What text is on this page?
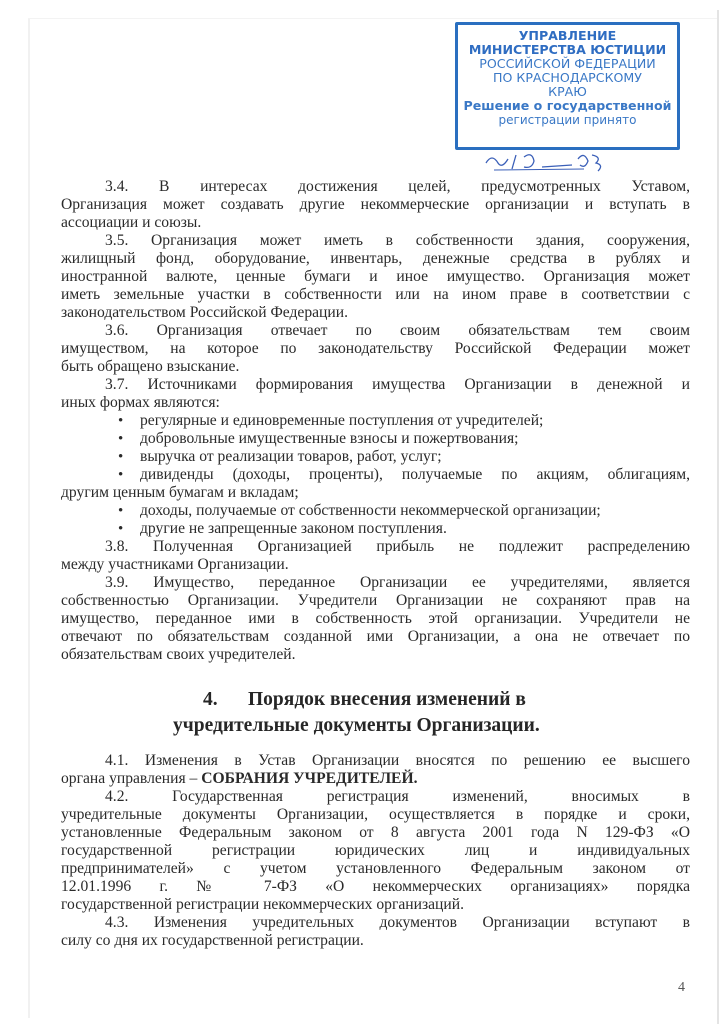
УПРАВЛЕНИЕ
МИНИСТЕРСТВА ЮСТИЦИИ
РОССИЙСКОЙ ФЕДЕРАЦИИ
ПО КРАСНОДАРСКОМУ
КРАЮ
Решение о государственной
регистрации принято
3.4. В интересах достижения целей, предусмотренных Уставом,
Организация может создавать другие некоммерческие организации и вступать в
ассоциации и союзы.
3.5. Организация может иметь в собственности здания, сооружения,
жилищный фонд, оборудование, инвентарь, денежные средства в рублях и
иностранной валюте, ценные бумаги и иное имущество. Организация может
иметь земельные участки в собственности или на ином праве в соответствии с
законодательством Российской Федерации.
3.6. Организация отвечает по своим обязательствам тем своим
имуществом, на которое по законодательству Российской Федерации может
быть обращено взыскание.
3.7. Источниками формирования имущества Организации в денежной и
иных формах являются:
• регулярные и единовременные поступления от учредителей;
• добровольные имущественные взносы и пожертвования;
• выручка от реализации товаров, работ, услуг;
• дивиденды (доходы, проценты), получаемые по акциям, облигациям,
другим ценным бумагам и вкладам;
• доходы, получаемые от собственности некоммерческой организации;
• другие не запрещенные законом поступления.
3.8. Полученная Организацией прибыль не подлежит распределению
между участниками Организации.
3.9. Имущество, переданное Организации ее учредителями, является
собственностью Организации. Учредители Организации не сохраняют прав на
имущество, переданное ими в собственность этой организации. Учредители не
отвечают по обязательствам созданной ими Организации, а она не отвечает по
обязательствам своих учредителей.
4. Порядок внесения изменений в
учредительные документы Организации.
4.1. Изменения в Устав Организации вносятся по решению ее высшего
органа управления – СОБРАНИЯ УЧРЕДИТЕЛЕЙ.
4.2. Государственная регистрация изменений, вносимых в
учредительные документы Организации, осуществляется в порядке и сроки,
установленные Федеральным законом от 8 августа 2001 года N 129-ФЗ «О
государственной регистрации юридических лиц и индивидуальных
предпринимателей» с учетом установленного Федеральным законом от
12.01.1996 г. № 7-ФЗ «О некоммерческих организациях» порядка
государственной регистрации некоммерческих организаций.
4.3. Изменения учредительных документов Организации вступают в
силу со дня их государственной регистрации.
4
